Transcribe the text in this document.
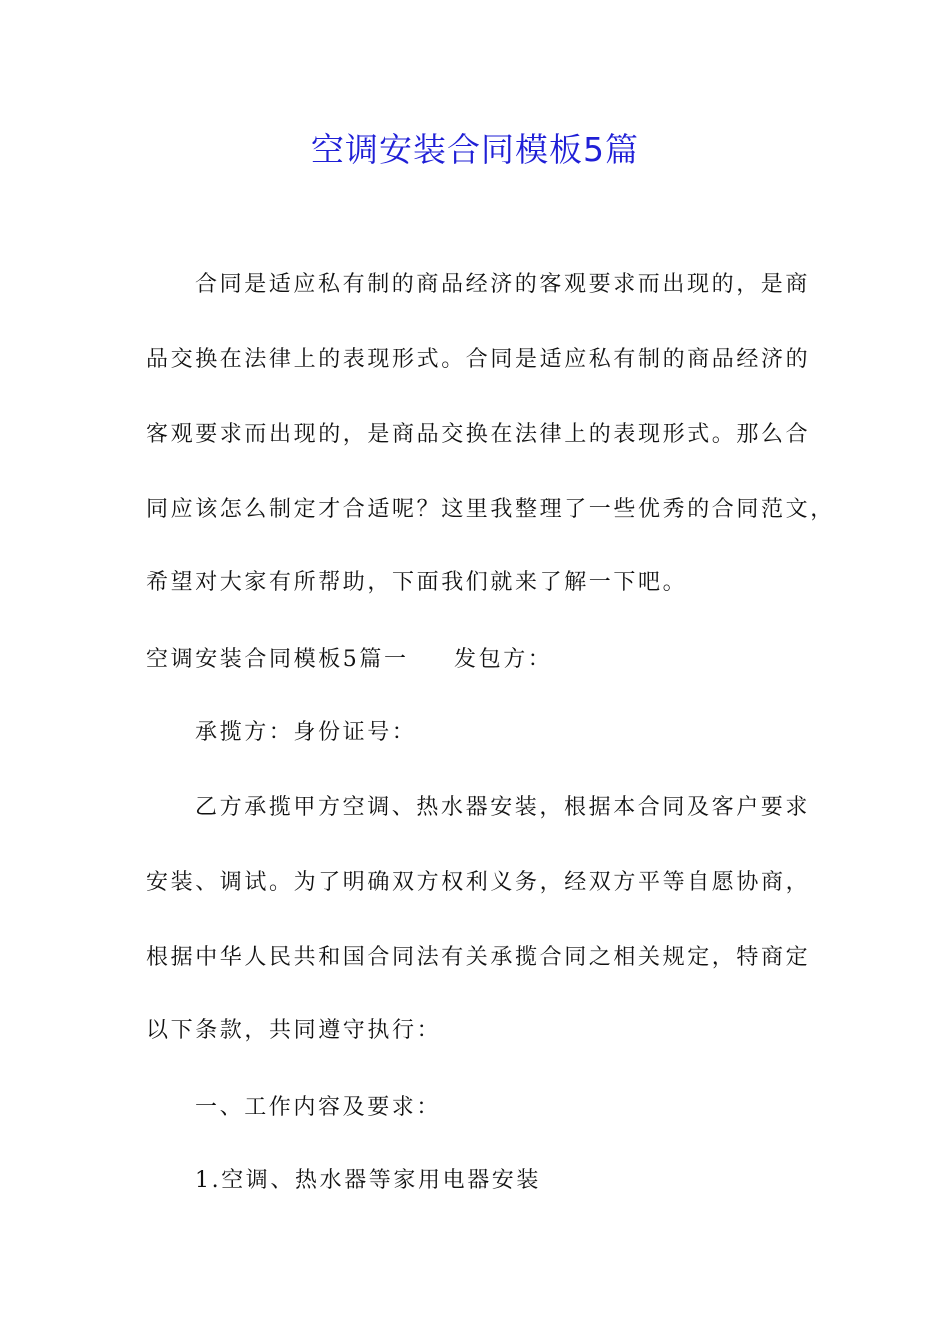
空调安装合同模板5篇
合同是适应私有制的商品经济的客观要求而出现的，是商
品交换在法律上的表现形式。合同是适应私有制的商品经济的
客观要求而出现的，是商品交换在法律上的表现形式。那么合
同应该怎么制定才合适呢？这里我整理了一些优秀的合同范文，
希望对大家有所帮助，下面我们就来了解一下吧。
空调安装合同模板5篇一 发包方：
承揽方：身份证号：
乙方承揽甲方空调、热水器安装，根据本合同及客户要求
安装、调试。为了明确双方权利义务，经双方平等自愿协商，
根据中华人民共和国合同法有关承揽合同之相关规定，特商定
以下条款，共同遵守执行：
一、工作内容及要求：
1.空调、热水器等家用电器安装
